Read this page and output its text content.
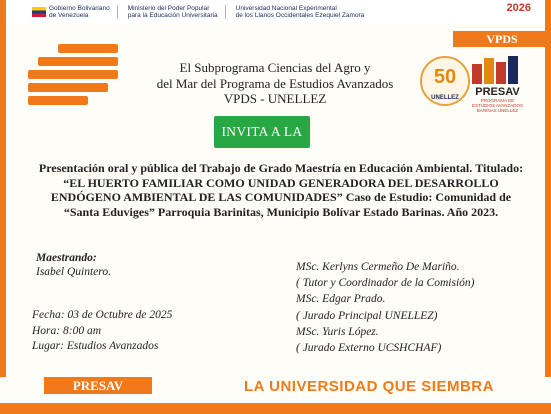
Gobierno Bolivariano
de Venezuela
Ministerio del Poder Popular
para la Educación Universitaria
Universidad Nacional Experimental
de los Llanos Occidentales Ezequiel Zamora
2026
VPDS
El Subprograma Ciencias del Agro y
del Mar del Programa de Estudios Avanzados
VPDS - UNELLEZ
50
UNELLEZ	PRESAV
PROGRAMA DE ESTUDIOS AVANZADOS BARINAS UNELLEZ
INVITA A LA
Presentación oral y pública del Trabajo de Grado Maestría en Educación Ambiental. Titulado: “EL HUERTO FAMILIAR COMO UNIDAD GENERADORA DEL DESARROLLO ENDÓGENO AMBIENTAL DE LAS COMUNIDADES” Caso de Estudio: Comunidad de “Santa Eduviges” Parroquia Barinitas, Municipio Bolívar Estado Barinas. Año 2023.
Maestrando:
Isabel Quintero.
Fecha: 03 de Octubre de 2025
Hora: 8:00 am
Lugar: Estudios Avanzados
MSc. Kerlyns Cermeño De Mariño.
( Tutor y Coordinador de la Comisión)
MSc. Edgar Prado.
( Jurado Principal UNELLEZ)
MSc. Yuris López.
( Jurado Externo UCSHCHAF)
PRESAV	LA UNIVERSIDAD QUE SIEMBRA
